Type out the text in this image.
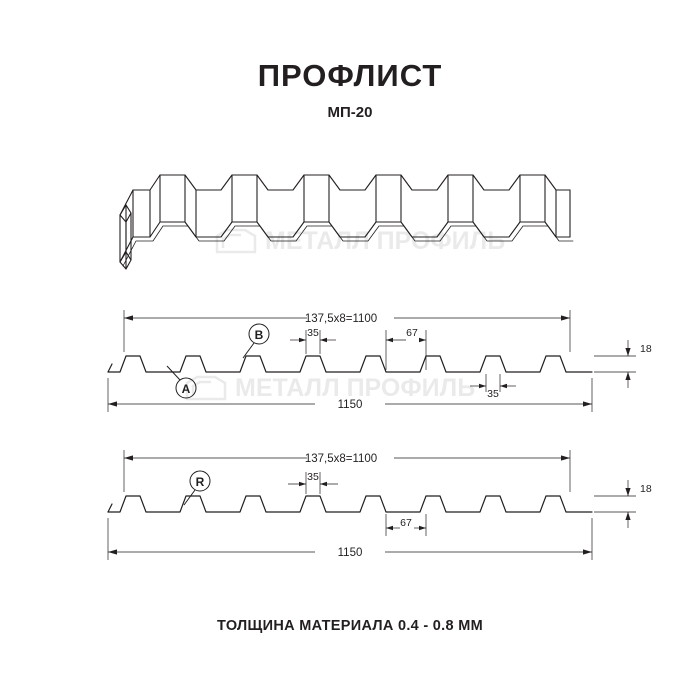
ПРОФЛИСТ
МП-20
137,5x8=1100
1150
18
35	67
35
A
B
137,5x8=1100
1150
18
35
67
R
МЕТАЛЛ ПРОФИЛЬ
МЕТАЛЛ ПРОФИЛЬ
ТОЛЩИНА МАТЕРИАЛА 0.4 - 0.8 ММ
